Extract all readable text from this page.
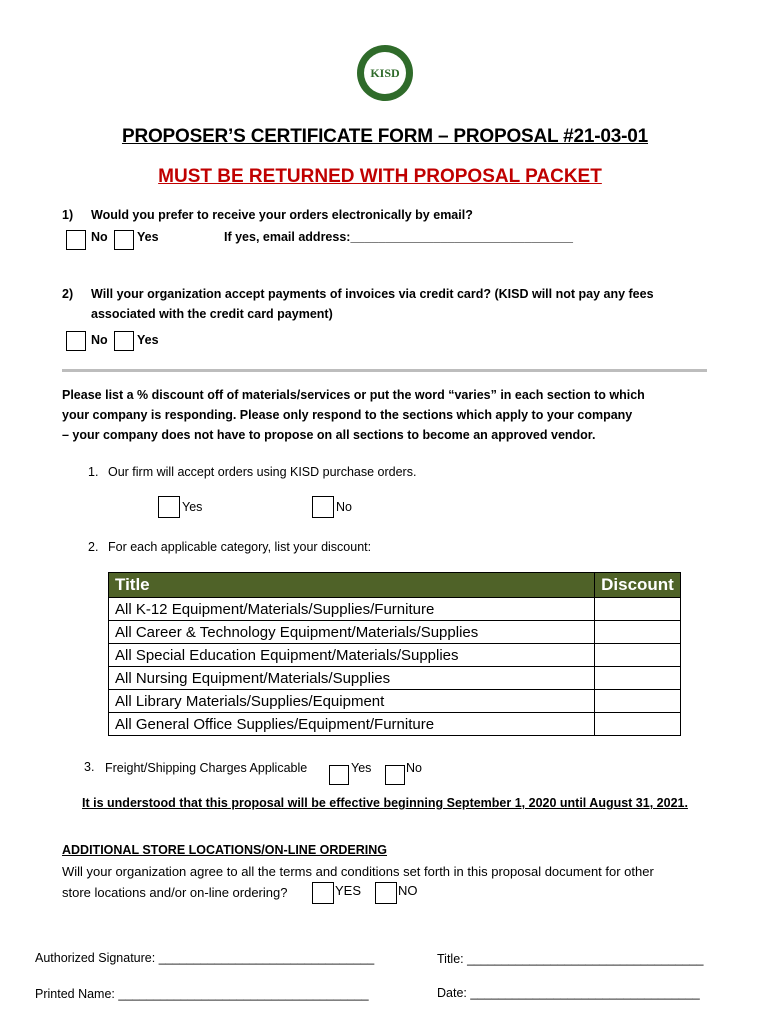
KISD
PROPOSER’S CERTIFICATE FORM – PROPOSAL #21-03-01
MUST BE RETURNED WITH PROPOSAL PACKET
1) Would you prefer to receive your orders electronically by email?
No Yes	If yes, email address:________________________________
2) Will your organization accept payments of invoices via credit card? (KISD will not pay any fees
associated with the credit card payment)
No Yes
Please list a % discount off of materials/services or put the word “varies” in each section to which
your company is responding. Please only respond to the sections which apply to your company
– your company does not have to propose on all sections to become an approved vendor.
1. Our firm will accept orders using KISD purchase orders.
Yes	No
2. For each applicable category, list your discount:
Title	Discount
All K-12 Equipment/Materials/Supplies/Furniture	
All Career & Technology Equipment/Materials/Supplies	
All Special Education Equipment/Materials/Supplies	
All Nursing Equipment/Materials/Supplies	
All Library Materials/Supplies/Equipment	
All General Office Supplies/Equipment/Furniture	
3. Freight/Shipping Charges Applicable	Yes	No
It is understood that this proposal will be effective beginning September 1, 2020 until August 31, 2021.
ADDITIONAL STORE LOCATIONS/ON-LINE ORDERING
Will your organization agree to all the terms and conditions set forth in this proposal document for other
store locations and/or on-line ordering?	YES	NO
Authorized Signature: _______________________________	Title: __________________________________
Printed Name: ____________________________________	Date: _________________________________
